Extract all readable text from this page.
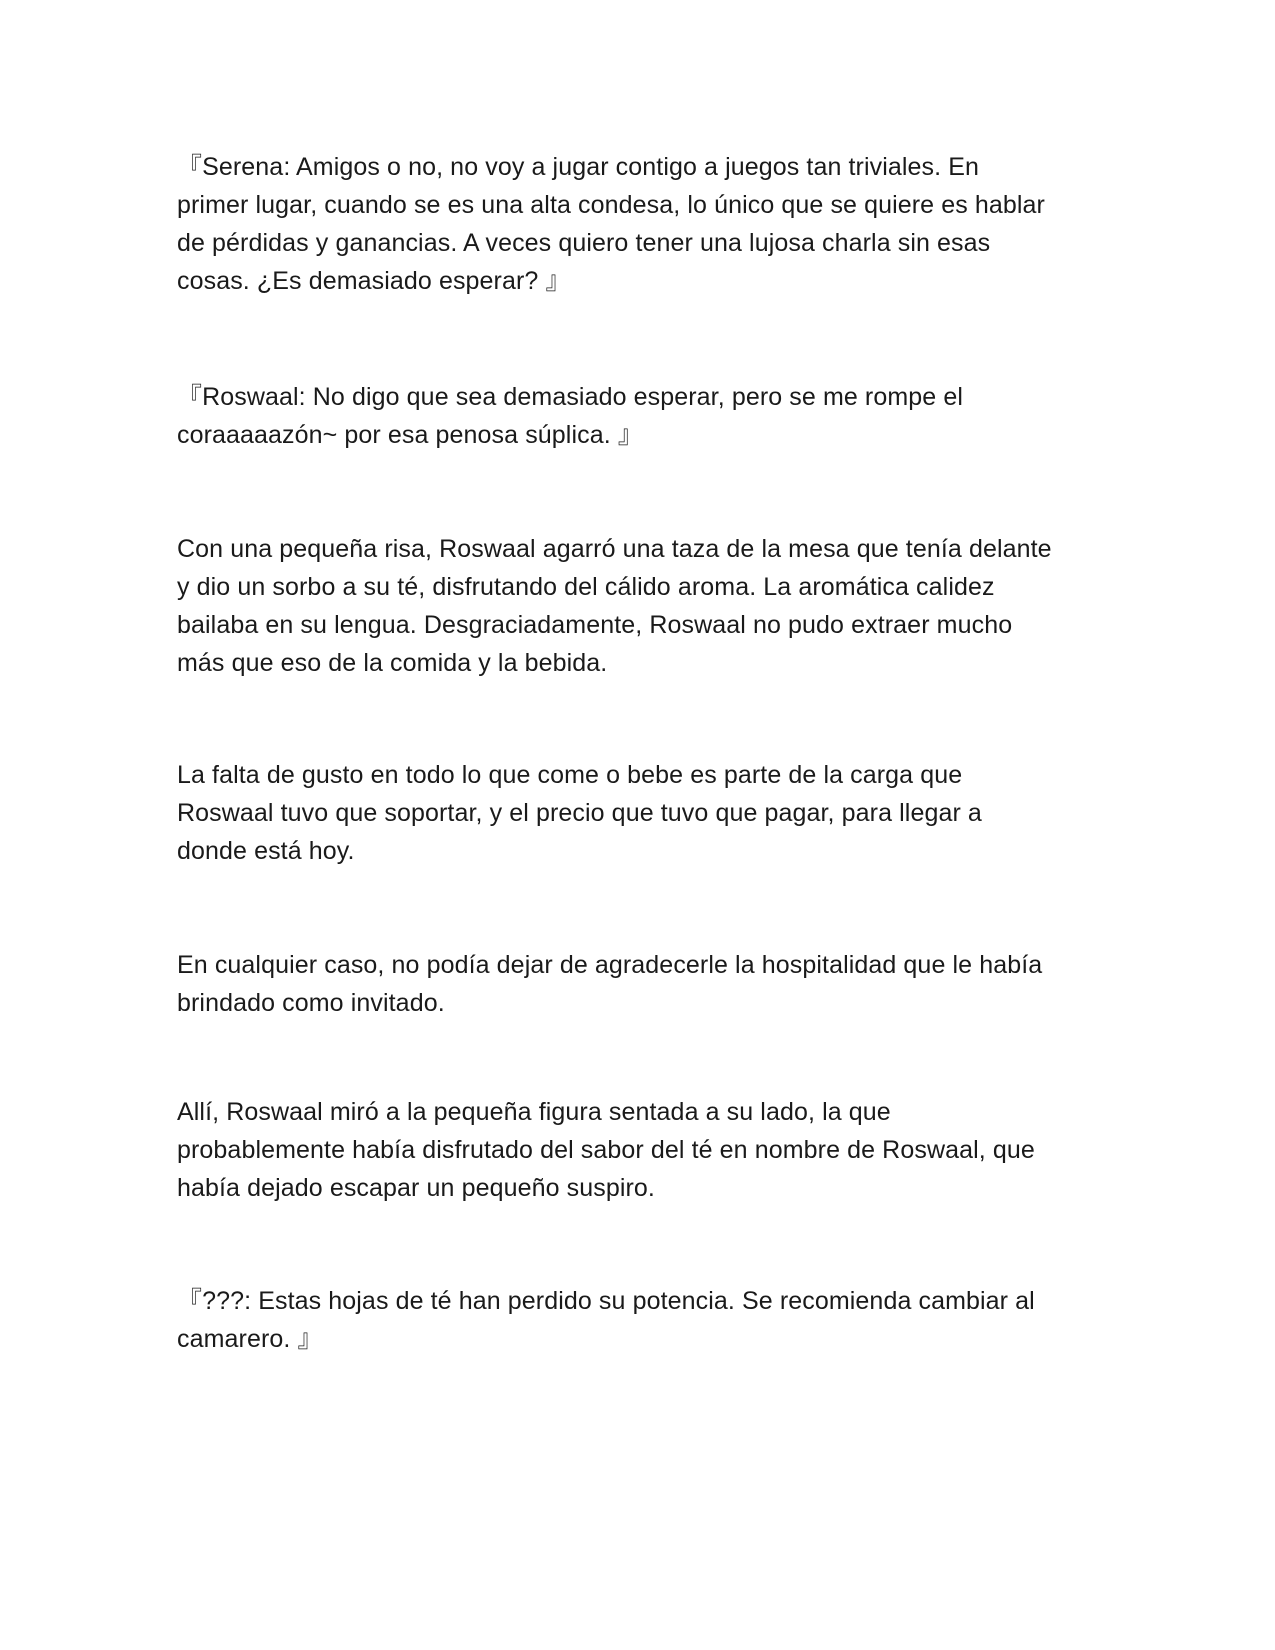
『Serena: Amigos o no, no voy a jugar contigo a juegos tan triviales. En
primer lugar, cuando se es una alta condesa, lo único que se quiere es hablar
de pérdidas y ganancias. A veces quiero tener una lujosa charla sin esas
cosas. ¿Es demasiado esperar? 』

『Roswaal: No digo que sea demasiado esperar, pero se me rompe el
coraaaaazón~ por esa penosa súplica. 』

Con una pequeña risa, Roswaal agarró una taza de la mesa que tenía delante
y dio un sorbo a su té, disfrutando del cálido aroma. La aromática calidez
bailaba en su lengua. Desgraciadamente, Roswaal no pudo extraer mucho
más que eso de la comida y la bebida.

La falta de gusto en todo lo que come o bebe es parte de la carga que
Roswaal tuvo que soportar, y el precio que tuvo que pagar, para llegar a
donde está hoy.

En cualquier caso, no podía dejar de agradecerle la hospitalidad que le había
brindado como invitado.

Allí, Roswaal miró a la pequeña figura sentada a su lado, la que
probablemente había disfrutado del sabor del té en nombre de Roswaal, que
había dejado escapar un pequeño suspiro.

『???: Estas hojas de té han perdido su potencia. Se recomienda cambiar al
camarero. 』
